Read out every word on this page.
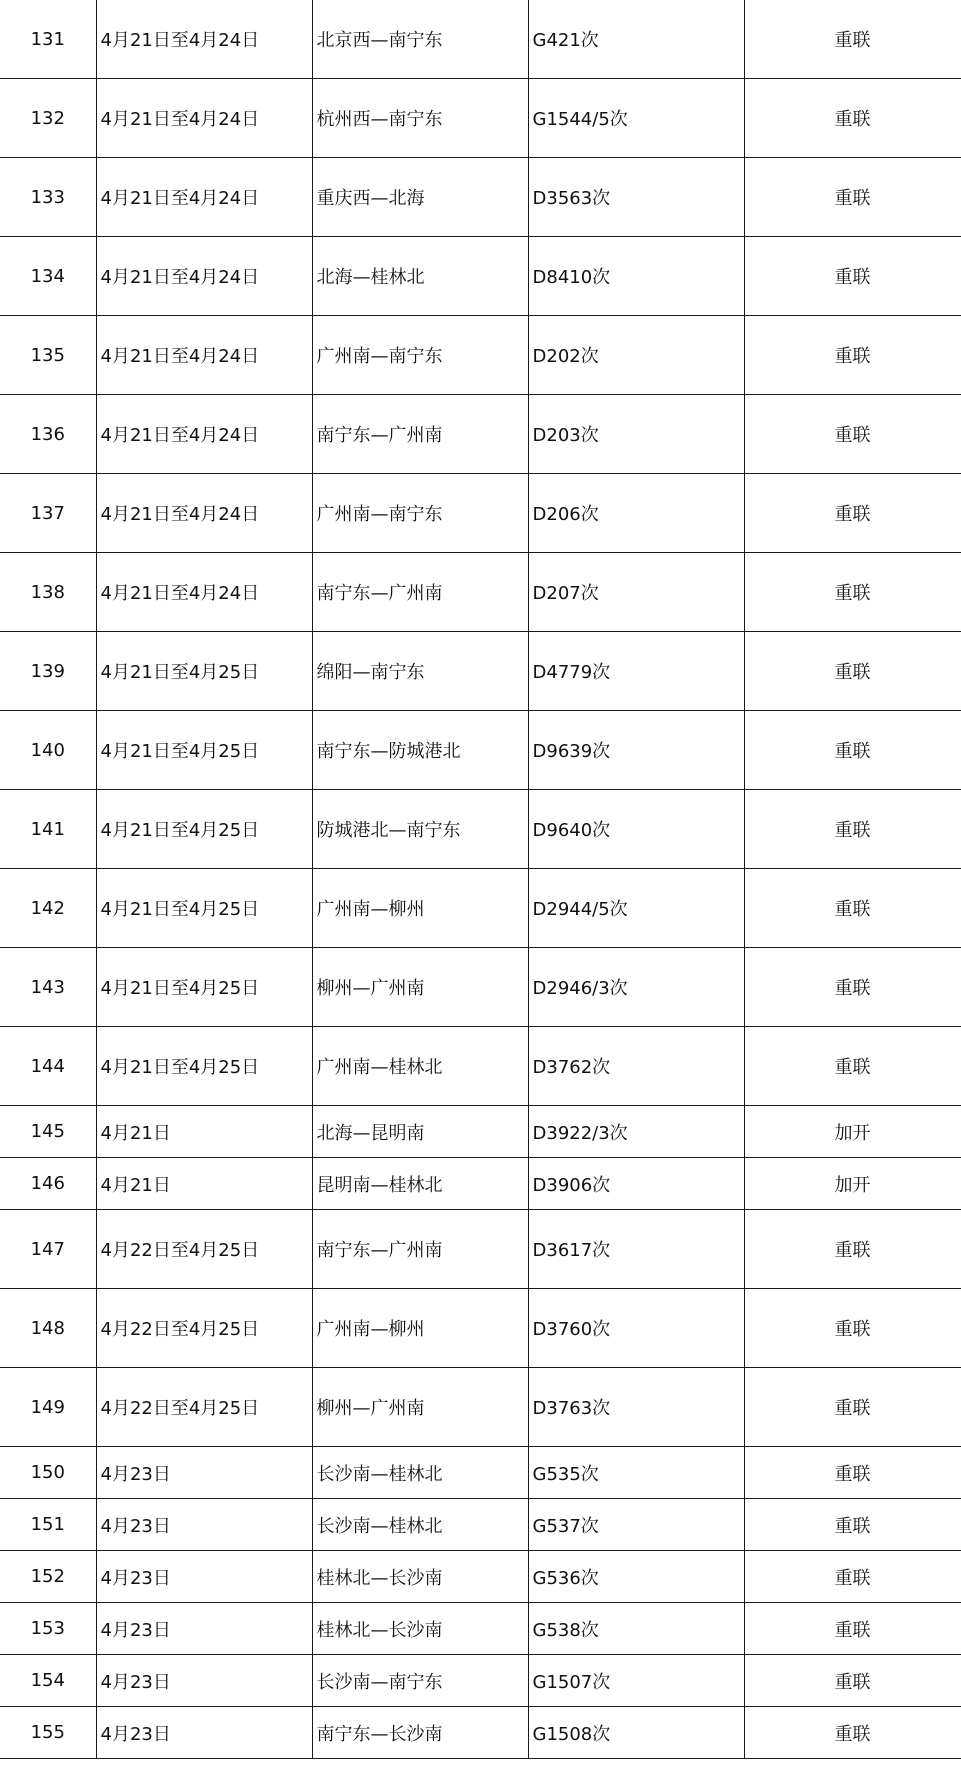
131	4月21日至4月24日	北京西—南宁东	G421次	重联
132	4月21日至4月24日	杭州西—南宁东	G1544/5次	重联
133	4月21日至4月24日	重庆西—北海	D3563次	重联
134	4月21日至4月24日	北海—桂林北	D8410次	重联
135	4月21日至4月24日	广州南—南宁东	D202次	重联
136	4月21日至4月24日	南宁东—广州南	D203次	重联
137	4月21日至4月24日	广州南—南宁东	D206次	重联
138	4月21日至4月24日	南宁东—广州南	D207次	重联
139	4月21日至4月25日	绵阳—南宁东	D4779次	重联
140	4月21日至4月25日	南宁东—防城港北	D9639次	重联
141	4月21日至4月25日	防城港北—南宁东	D9640次	重联
142	4月21日至4月25日	广州南—柳州	D2944/5次	重联
143	4月21日至4月25日	柳州—广州南	D2946/3次	重联
144	4月21日至4月25日	广州南—桂林北	D3762次	重联
145	4月21日	北海—昆明南	D3922/3次	加开
146	4月21日	昆明南—桂林北	D3906次	加开
147	4月22日至4月25日	南宁东—广州南	D3617次	重联
148	4月22日至4月25日	广州南—柳州	D3760次	重联
149	4月22日至4月25日	柳州—广州南	D3763次	重联
150	4月23日	长沙南—桂林北	G535次	重联
151	4月23日	长沙南—桂林北	G537次	重联
152	4月23日	桂林北—长沙南	G536次	重联
153	4月23日	桂林北—长沙南	G538次	重联
154	4月23日	长沙南—南宁东	G1507次	重联
155	4月23日	南宁东—长沙南	G1508次	重联
